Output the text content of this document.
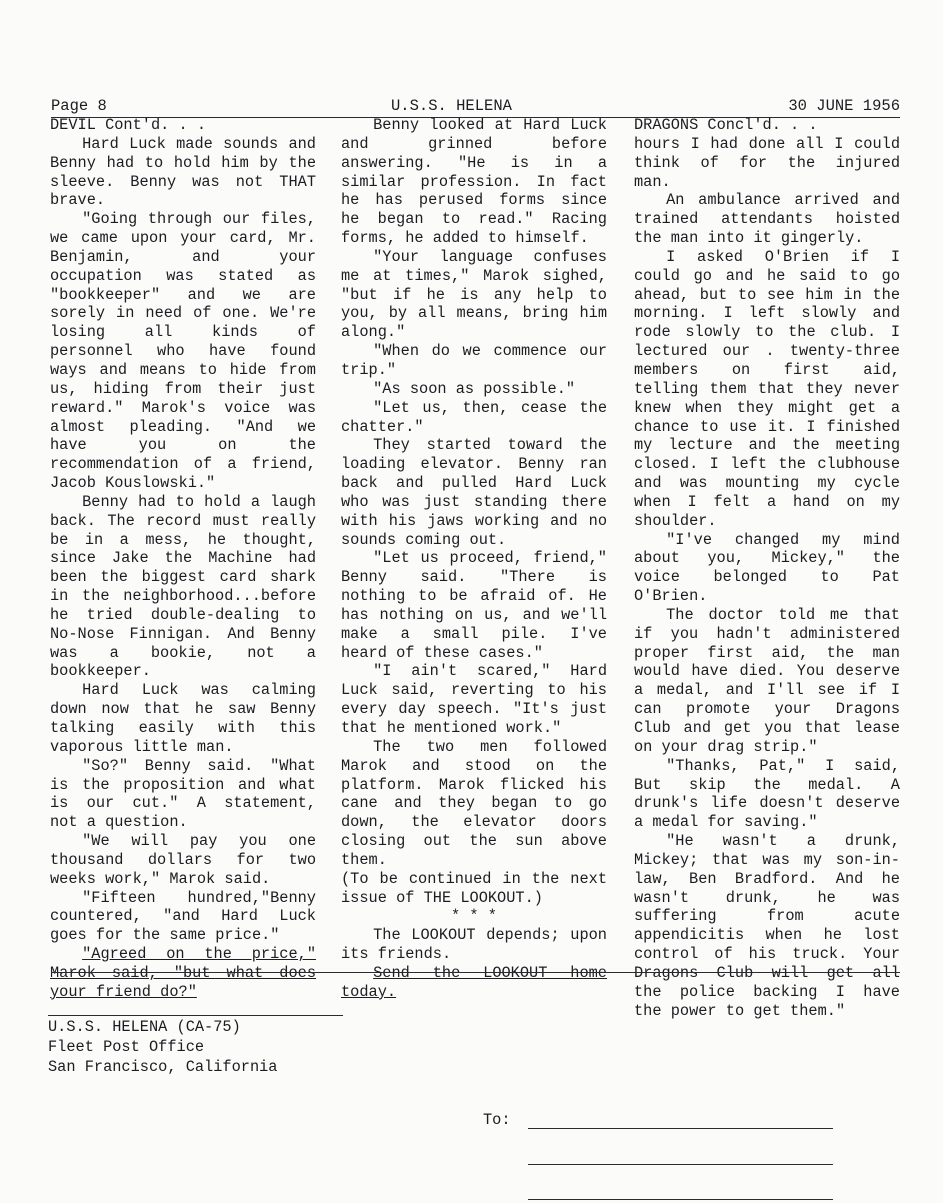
Page 8	U.S.S. HELENA	30 JUNE 1956

DEVIL Cont'd. . .

Hard Luck made sounds and Benny had to hold him by the sleeve. Benny was not THAT brave.

"Going through our files, we came upon your card, Mr. Benjamin, and your occupation was stated as "bookkeeper" and we are sorely in need of one. We're losing all kinds of personnel who have found ways and means to hide from us, hiding from their just reward." Marok's voice was almost pleading. "And we have you on the recommendation of a friend, Jacob Kouslowski."

Benny had to hold a laugh back. The record must really be in a mess, he thought, since Jake the Machine had been the biggest card shark in the neighborhood...before he tried double-dealing to No-Nose Finnigan. And Benny was a bookie, not a bookkeeper.

Hard Luck was calming down now that he saw Benny talking easily with this vaporous little man.

"So?" Benny said. "What is the proposition and what is our cut." A statement, not a question.

"We will pay you one thousand dollars for two weeks work," Marok said.

"Fifteen hundred,"Benny countered, "and Hard Luck goes for the same price."

"Agreed on the price," Marok said, "but what does your friend do?"

Benny looked at Hard Luck and grinned before answering. "He is in a similar profession. In fact he has perused forms since he began to read." Racing forms, he added to himself.

"Your language confuses me at times," Marok sighed, "but if he is any help to you, by all means, bring him along."

"When do we commence our trip."

"As soon as possible."

"Let us, then, cease the chatter."

They started toward the loading elevator. Benny ran back and pulled Hard Luck who was just standing there with his jaws working and no sounds coming out.

"Let us proceed, friend," Benny said. "There is nothing to be afraid of. He has nothing on us, and we'll make a small pile. I've heard of these cases."

"I ain't scared," Hard Luck said, reverting to his every day speech. "It's just that he mentioned work."

The two men followed Marok and stood on the platform. Marok flicked his cane and they began to go down, the elevator doors closing out the sun above them.

(To be continued in the next issue of THE LOOKOUT.)

* * *

The LOOKOUT depends; upon its friends.

Send the LOOKOUT home today.

DRAGONS Concl'd. . .

hours I had done all I could think of for the injured man.

An ambulance arrived and trained attendants hoisted the man into it gingerly.

I asked O'Brien if I could go and he said to go ahead, but to see him in the morning. I left slowly and rode slowly to the club. I lectured our . twenty-three members on first aid, telling them that they never knew when they might get a chance to use it. I finished my lecture and the meeting closed. I left the clubhouse and was mounting my cycle when I felt a hand on my shoulder.

"I've changed my mind about you, Mickey," the voice belonged to Pat O'Brien.

The doctor told me that if you hadn't administered proper first aid, the man would have died. You deserve a medal, and I'll see if I can promote your Dragons Club and get you that lease on your drag strip."

"Thanks, Pat," I said, But skip the medal. A drunk's life doesn't deserve a medal for saving."

"He wasn't a drunk, Mickey; that was my son-in-law, Ben Bradford. And he wasn't drunk, he was suffering from acute appendicitis when he lost control of his truck. Your Dragons Club will get all the police backing I have the power to get them."

U.S.S. HELENA (CA-75)
Fleet Post Office
San Francisco, California
To:
